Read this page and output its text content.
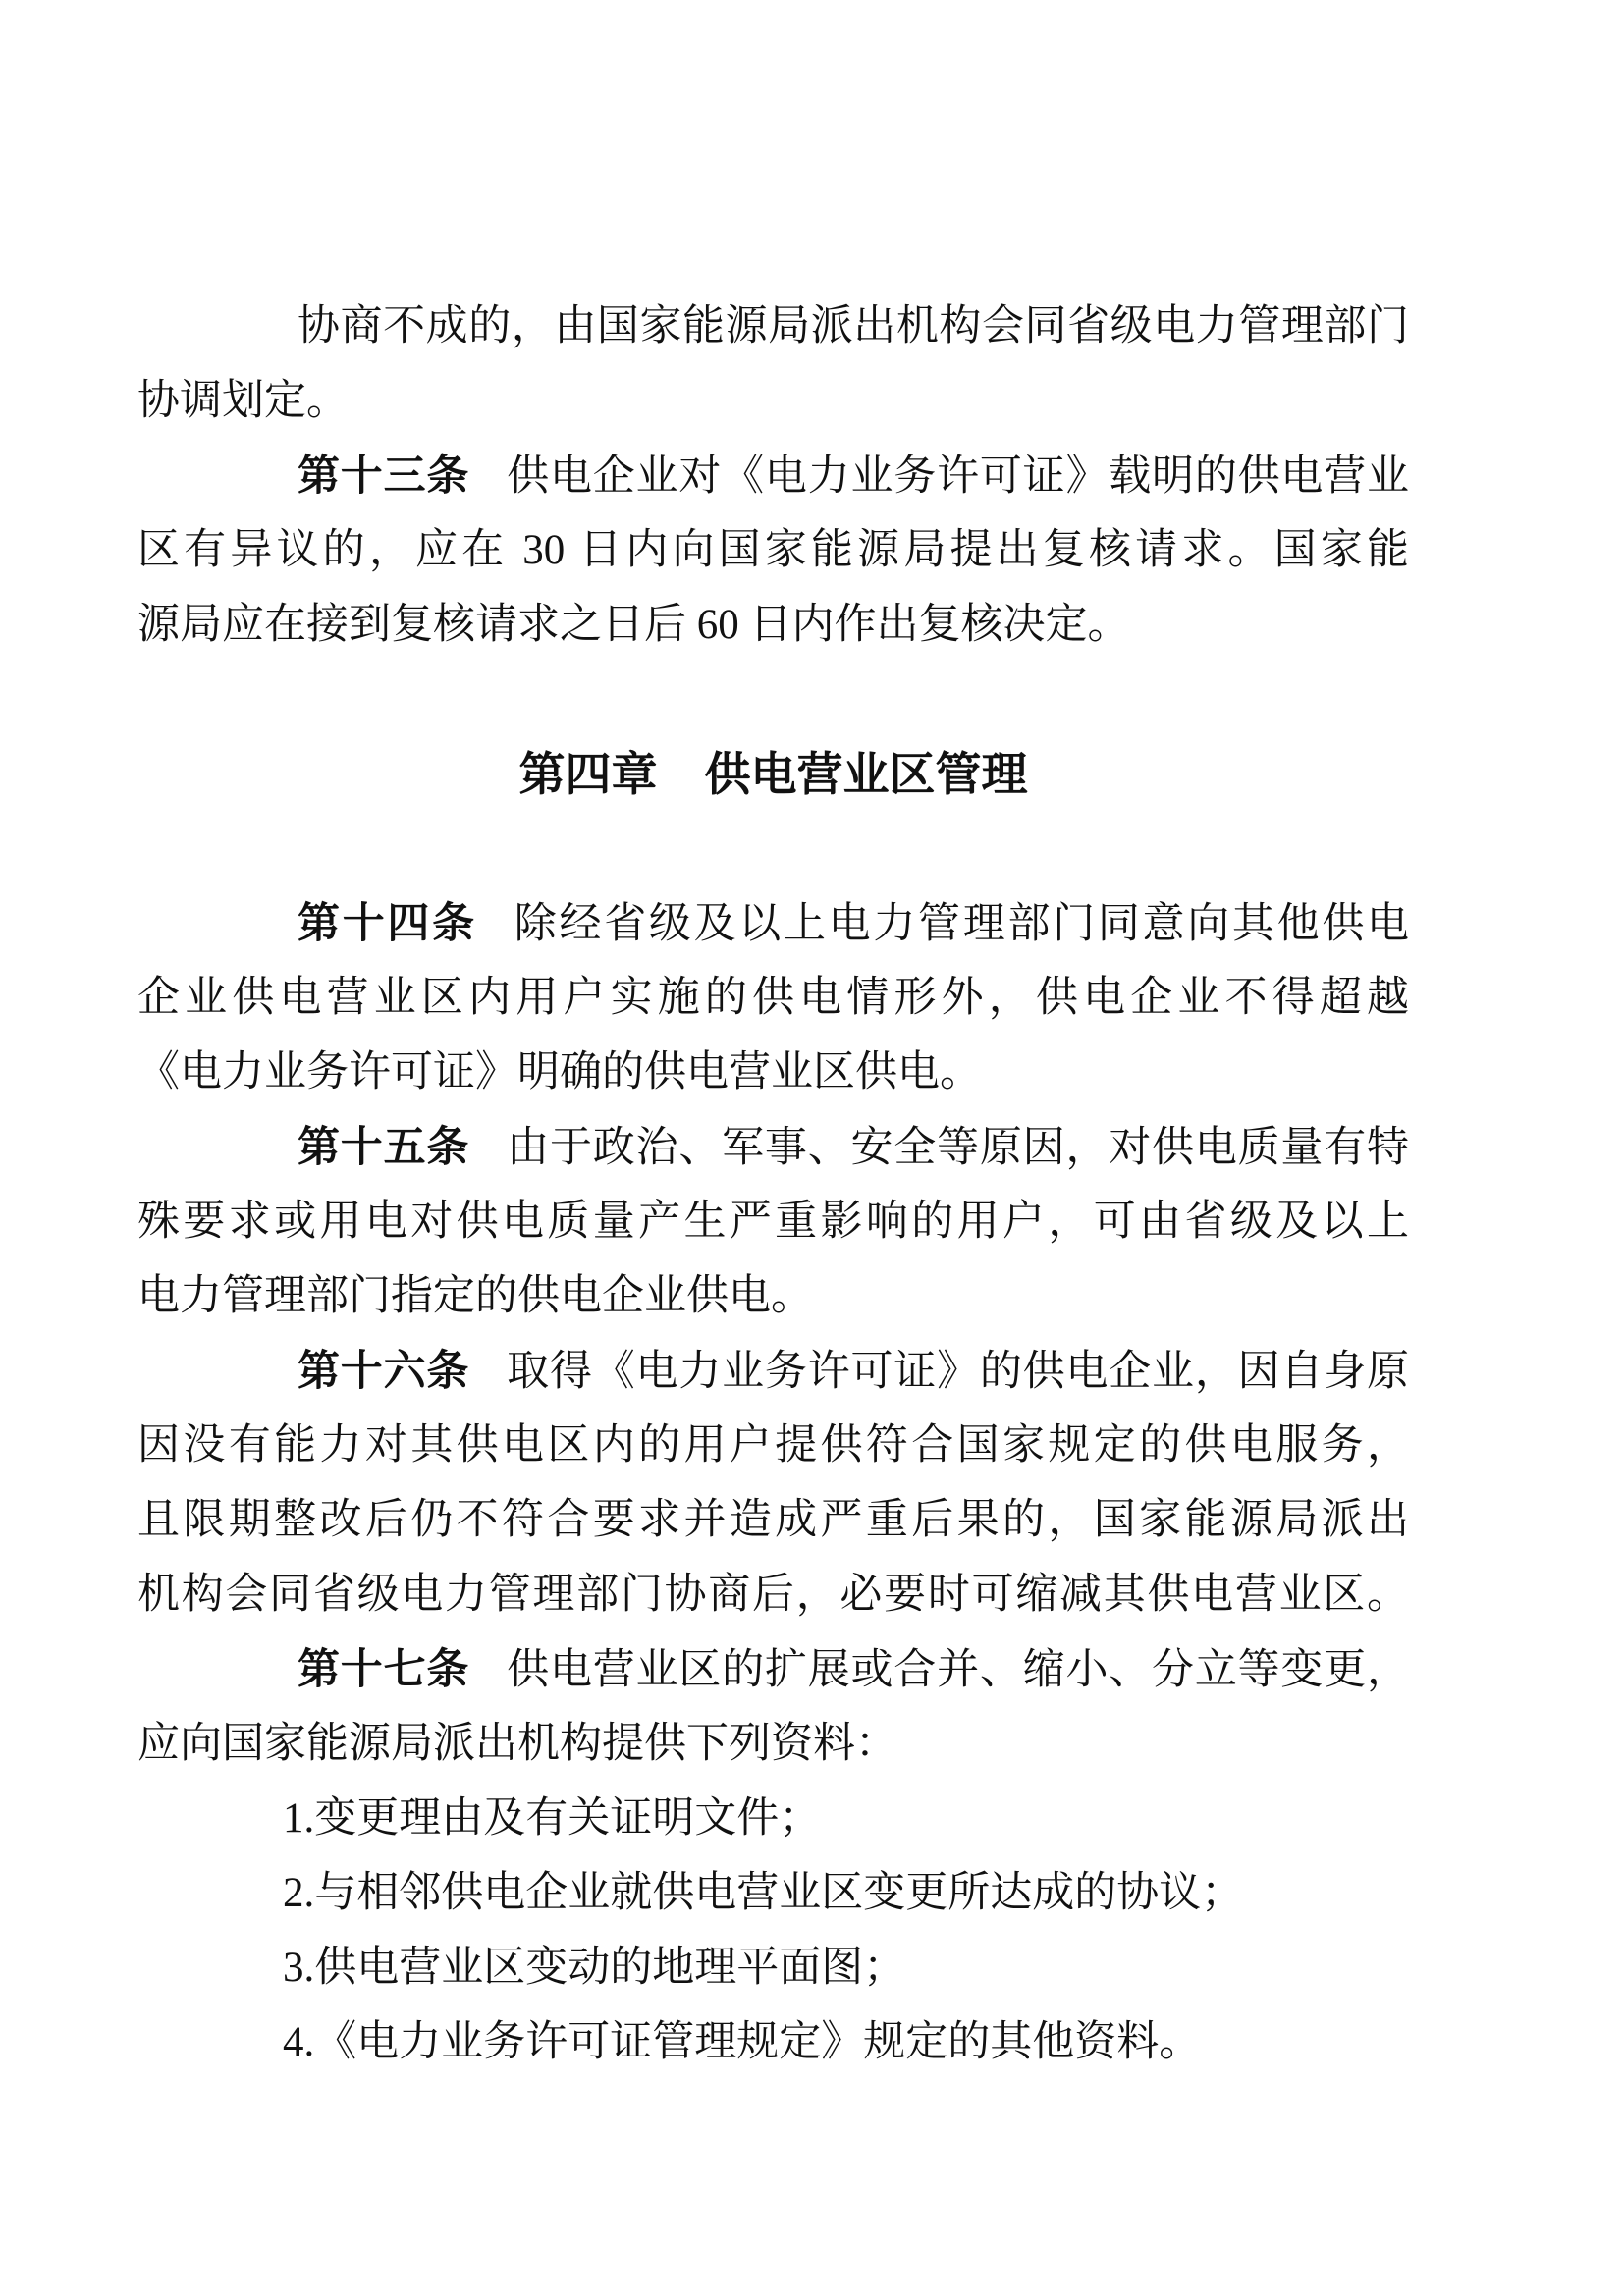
协商不成的，由国家能源局派出机构会同省级电力管理部门
协调划定。
第十三条 供电企业对《电力业务许可证》载明的供电营业
区有异议的，应在 30 日内向国家能源局提出复核请求。国家能
源局应在接到复核请求之日后 60 日内作出复核决定。
第四章 供电营业区管理
第十四条 除经省级及以上电力管理部门同意向其他供电
企业供电营业区内用户实施的供电情形外，供电企业不得超越
《电力业务许可证》明确的供电营业区供电。
第十五条 由于政治、军事、安全等原因，对供电质量有特
殊要求或用电对供电质量产生严重影响的用户，可由省级及以上
电力管理部门指定的供电企业供电。
第十六条 取得《电力业务许可证》的供电企业，因自身原
因没有能力对其供电区内的用户提供符合国家规定的供电服务，
且限期整改后仍不符合要求并造成严重后果的，国家能源局派出
机构会同省级电力管理部门协商后，必要时可缩减其供电营业区。
第十七条 供电营业区的扩展或合并、缩小、分立等变更，
应向国家能源局派出机构提供下列资料：
1.变更理由及有关证明文件；
2.与相邻供电企业就供电营业区变更所达成的协议；
3.供电营业区变动的地理平面图；
4.《电力业务许可证管理规定》规定的其他资料。
